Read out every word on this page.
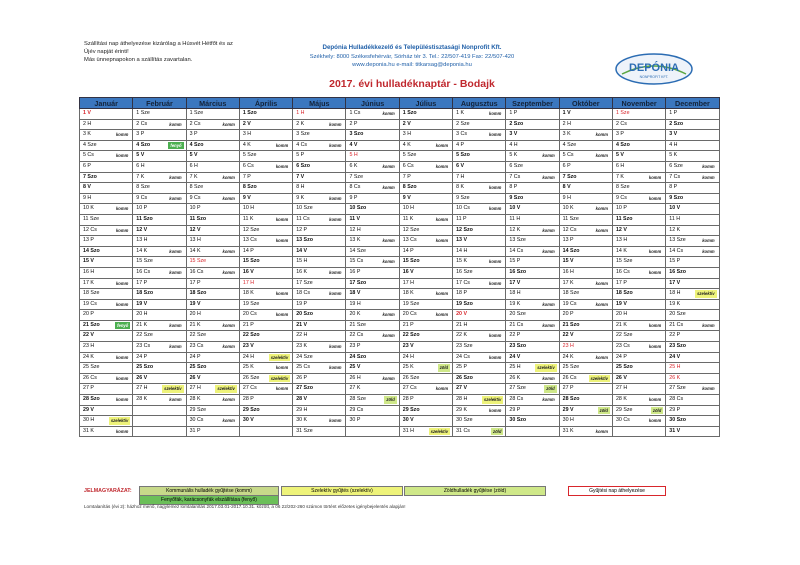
Szállítási nap áthelyezése kizárólag a Húsvét Hétfőt és az
Újév napját érinti!
Más ünnepnapokon a szállítás zavartalan.
Depónia Hulladékkezelő és Településtisztasági Nonprofit Kft.
Székhely: 8000 Székesfehérvár, Sörház tér 3. Tel.: 22/507-419 Fax: 22/507-420
www.deponia.hu e-mail: titkarsag@deponia.hu
2017. évi hulladéknaptár - Bodajk
DEPÓNIA
NONPROFIT KFT.
Január	Február	Március	Április	Május	Június	Július	Augusztus	Szeptember	Október	November	December
1 V	1 Sze	1 Sze	1 Szo	1 H	1 Cs komm	1 Szo	1 K komm	1 P	1 V	1 Sze	1 P
2 H	2 Cs komm	2 Cs komm	2 V	2 K komm	2 P	2 V	2 Sze	2 Szo	2 H	2 Cs	2 Szo
3 K komm	3 P	3 P	3 H	3 Sze	3 Szo	3 H	3 Cs komm	3 V	3 K komm	3 P	3 V
4 Sze	4 Szo fenyő	4 Szo	4 K komm	4 Cs komm	4 V	4 K komm	4 P	4 H	4 Sze	4 Szo	4 H
5 Cs komm	5 V	5 V	5 Sze	5 P	5 H	5 Sze	5 Szo	5 K komm	5 Cs komm	5 V	5 K
6 P	6 H	6 H	6 Cs komm	6 Szo	6 K komm	6 Cs komm	6 V	6 Sze	6 P	6 H	6 Sze komm

7 Szo	7 K komm	7 K komm	7 P	7 V	7 Sze	7 P	7 H	7 Cs komm	7 Szo	7 K komm	7 Cs komm

8 V	8 Sze	8 Sze	8 Szo	8 H	8 Cs komm	8 Szo	8 K komm	8 P	8 V	8 Sze	8 P
9 H	9 Cs komm	9 Cs komm	9 V	9 K komm	9 P	9 V	9 Sze	9 Szo	9 H	9 Cs komm	9 Szo
10 K komm	10 P	10 P	10 H	10 Sze	10 Szo	10 H	10 Cs komm	10 V	10 K komm	10 P	10 V
11 Sze	11 Szo	11 Szo	11 K komm	11 Cs komm	11 V	11 K komm	11 P	11 H	11 Sze	11 Szo	11 H
12 Cs komm	12 V	12 V	12 Sze	12 P	12 H	12 Sze	12 Szo	12 K komm	12 Cs komm	12 V	12 K
13 P	13 H	13 H	13 Cs komm	13 Szo	13 K komm	13 Cs komm	13 V	13 Sze	13 P	13 H	13 Sze komm

14 Szo	14 K komm	14 K komm	14 P	14 V	14 Sze	14 P	14 H	14 Cs komm	14 Szo	14 K komm	14 Cs komm

15 V	15 Sze	15 Sze	15 Szo	15 H	15 Cs komm	15 Szo	15 K komm	15 P	15 V	15 Sze	15 P
16 H	16 Cs komm	16 Cs komm	16 V	16 K komm	16 P	16 V	16 Sze	16 Szo	16 H	16 Cs komm	16 Szo
17 K komm	17 P	17 P	17 H	17 Sze	17 Szo	17 H	17 Cs komm	17 V	17 K komm	17 P	17 V
18 Sze	18 Szo	18 Szo	18 K komm	18 Cs komm	18 V	18 K komm	18 P	18 H	18 Sze	18 Szo	18 H szelektív

19 Cs komm	19 V	19 V	19 Sze	19 P	19 H	19 Sze	19 Szo	19 K komm	19 Cs komm	19 V	19 K
20 P	20 H	20 H	20 Cs komm	20 Szo	20 K komm	20 Cs komm	20 V	20 Sze	20 P	20 H	20 Sze
21 Szo fenyő	21 K komm	21 K komm	21 P	21 V	21 Sze	21 P	21 H	21 Cs komm	21 Szo	21 K komm	21 Cs komm

22 V	22 Sze	22 Sze	22 Szo	22 H	22 Cs komm	22 Szo	22 K komm	22 P	22 V	22 Sze	22 P
23 H	23 Cs komm	23 Cs komm	23 V	23 K komm	23 P	23 V	23 Sze	23 Szo	23 H	23 Cs komm	23 Szo
24 K komm	24 P	24 P	24 H szelektív	24 Sze	24 Szo	24 H	24 Cs komm	24 V	24 K komm	24 P	24 V
25 Sze	25 Szo	25 Szo	25 K komm	25 Cs komm	25 V	25 K zöld	25 P	25 H szelektív	25 Sze	25 Szo	25 H
26 Cs komm	26 V	26 V	26 Sze szelektív	26 P	26 H komm	26 Sze	26 Szo	26 K komm	26 Cs szelektív	26 V	26 K
27 P	27 H szelektív	27 H szelektív	27 Cs komm	27 Szo	27 K	27 Cs komm	27 V	27 Sze zöld	27 P	27 H	27 Sze komm

28 Szo komm	28 K komm	28 K komm	28 P	28 V	28 Sze zöld	28 P	28 H szelektív	28 Cs komm	28 Szo	28 K komm	28 Cs
29 V		29 Sze	29 Szo	29 H	29 Cs	29 Szo	29 K komm	29 P	29 V zöld	29 Sze zöld	29 P
30 H szelektív		30 Cs komm	30 V	30 K komm	30 P	30 V	30 Sze	30 Szo	30 H	30 Cs komm	30 Szo
31 K komm		31 P		31 Sze		31 H szelektív	31 Cs zöld		31 K komm		31 V
JELMAGYARÁZAT:	Kommunális hulladék gyűjtése (komm)	Szelektív gyűjtés (szelektív)	Zöldhulladék gyűjtése (zöld)	Gyűjtési nap áthelyezése
Fenyőfák, karácsonyfák elszállítása (fenyő)
Lomtalanítás (évi 2): házhoz menő, nagylemez lomtalanítás 2017.03.01-2017.10.31. között, a 06 22/202-260 számon történt előzetes igénybejelentés alapján!
